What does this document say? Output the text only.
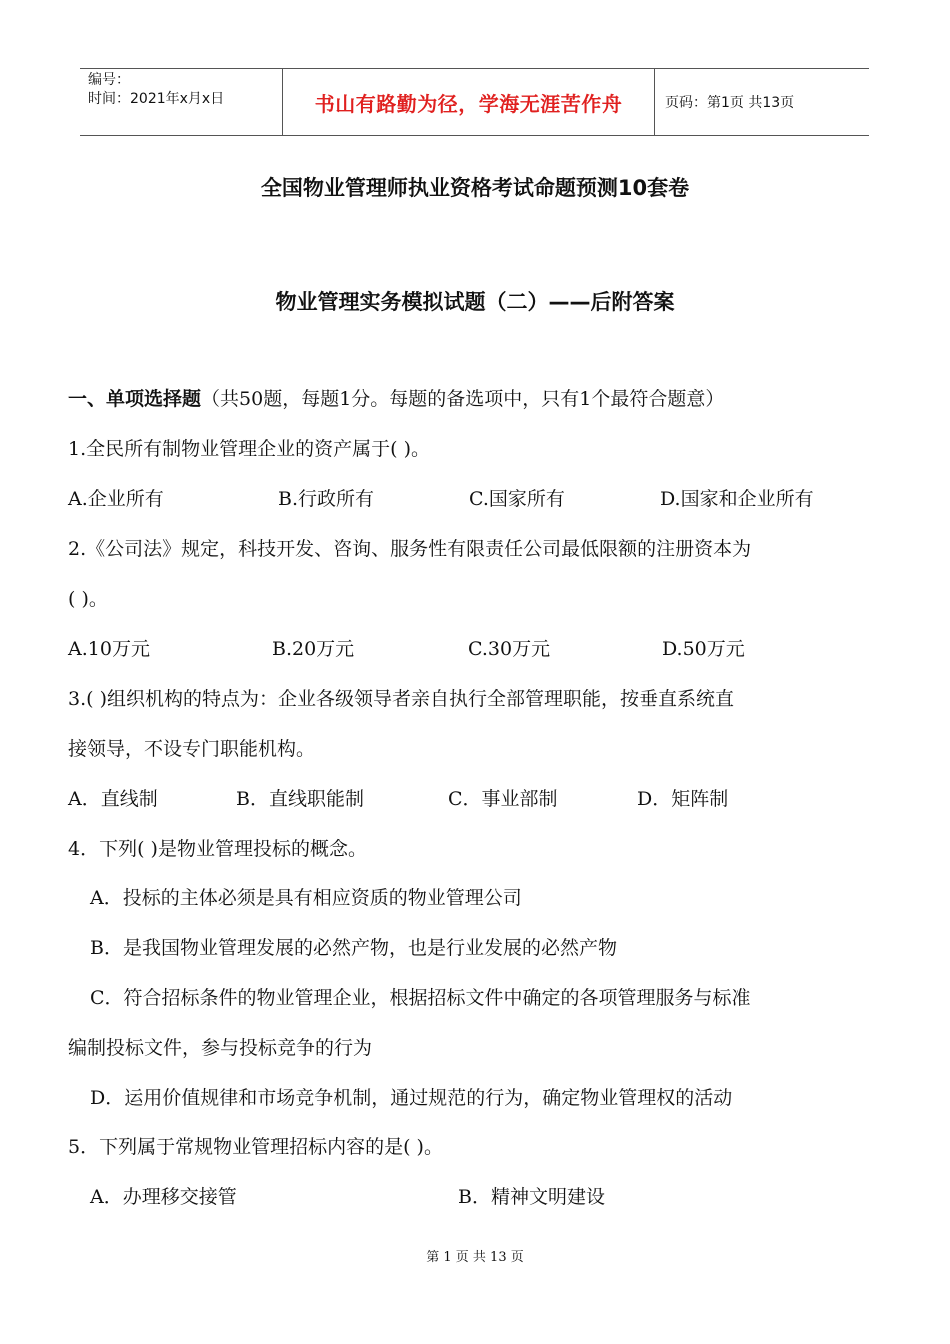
编号：
时间：2021年x月x日	书山有路勤为径，学海无涯苦作舟	页码：第1页 共13页
全国物业管理师执业资格考试命题预测10套卷
物业管理实务模拟试题（二）——后附答案
一、单项选择题（共50题，每题1分。每题的备选项中，只有1个最符合题意）
1.全民所有制物业管理企业的资产属于( )。
A.企业所有	B.行政所有	C.国家所有	D.国家和企业所有
2.《公司法》规定，科技开发、咨询、服务性有限责任公司最低限额的注册资本为
( )。
A.10万元	B.20万元	C.30万元	D.50万元
3.( )组织机构的特点为：企业各级领导者亲自执行全部管理职能，按垂直系统直
接领导，不设专门职能机构。
A．直线制	B．直线职能制	C．事业部制	D．矩阵制
4．下列( )是物业管理投标的概念。
A．投标的主体必须是具有相应资质的物业管理公司
B．是我国物业管理发展的必然产物，也是行业发展的必然产物
C．符合招标条件的物业管理企业，根据招标文件中确定的各项管理服务与标准
编制投标文件，参与投标竞争的行为
D．运用价值规律和市场竞争机制，通过规范的行为，确定物业管理权的活动
5．下列属于常规物业管理招标内容的是( )。
A．办理移交接管	B．精神文明建设
第 1 页 共 13 页
